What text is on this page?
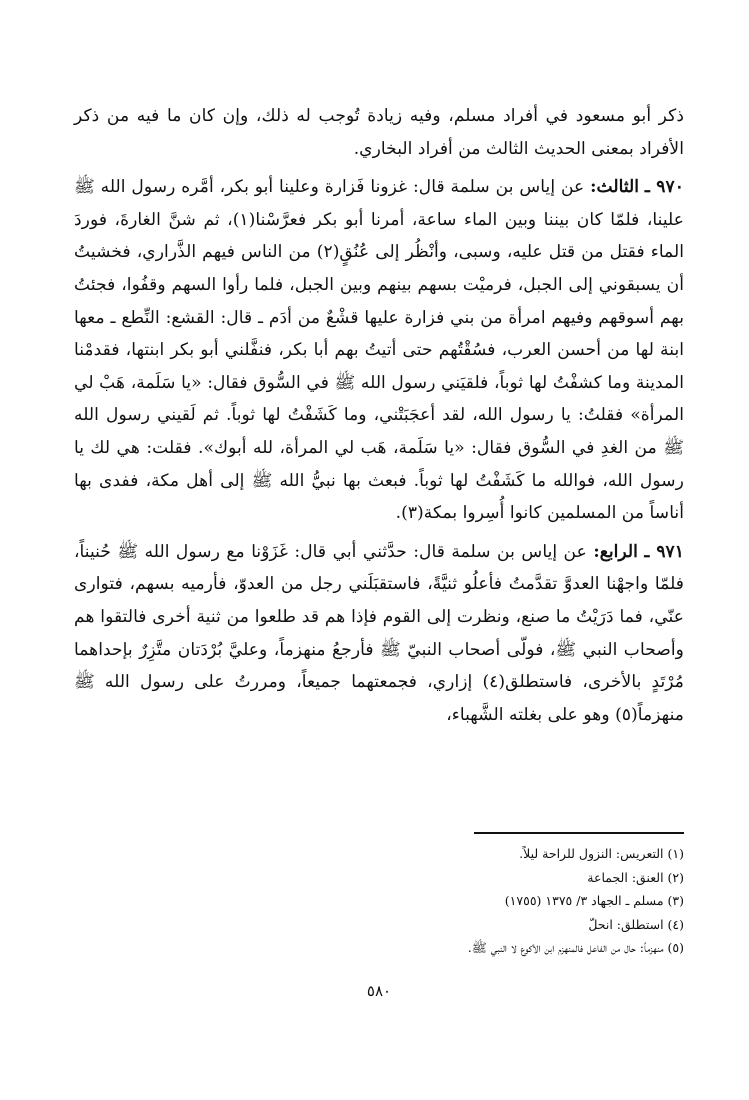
ذكر أبو مسعود في أفراد مسلم، وفيه زيادة تُوجب له ذلك، وإن كان ما فيه من ذكر الأفراد بمعنى الحديث الثالث من أفراد البخاري.

٩٧٠ ـ الثالث: عن إياس بن سلمة قال: غزونا فَزارة وعلينا أبو بكر، أمَّره رسول الله ﷺ علينا، فلمّا كان بيننا وبين الماء ساعة، أمرنا أبو بكر فعرَّسْنا(١)، ثم شنَّ الغارةَ، فوردَ الماء فقتل من قتل عليه، وسبى، وأنْظُر إلى عُنُقٍ(٢) من الناس فيهم الذَّراري، فخشيتُ أن يسبقوني إلى الجبل، فرميْت بسهم بينهم وبين الجبل، فلما رأوا السهم وقفُوا، فجئتُ بهم أسوقهم وفيهم امرأة من بني فزارة عليها قشْعٌ من أدَم ـ قال: القشع: النِّطع ـ معها ابنة لها من أحسن العرب، فسُقْتُهم حتى أتيتُ بهم أبا بكر، فنفَّلني أبو بكر ابنتها، فقدمْنا المدينة وما كشفْتُ لها ثوباً، فلقيَني رسول الله ﷺ في السُّوق فقال: «يا سَلَمة، هَبْ لي المرأة» فقلتُ: يا رسول الله، لقد أعجَبَتْني، وما كَشَفْتُ لها ثوباً. ثم لَقيني رسول الله ﷺ من الغدِ في السُّوق فقال: «يا سَلَمة، هَب لي المرأة، لله أبوك». فقلت: هي لك يا رسول الله، فوالله ما كَشَفْتُ لها ثوباً. فبعث بها نبيُّ الله ﷺ إلى أهل مكة، ففدى بها أناساً من المسلمين كانوا أُسِروا بمكة(٣).

٩٧١ ـ الرابع: عن إياس بن سلمة قال: حدَّثني أبي قال: غَزَوْنا مع رسول الله ﷺ حُنيناً، فلمّا واجهْنا العدوَّ تقدَّمتُ فأعلُو ثنيَّةً، فاستقبَلَني رجل من العدوّ، فأرميه بسهم، فتوارى عنّي، فما دَرَيْتُ ما صنع، ونظرت إلى القوم فإذا هم قد طلعوا من ثنية أخرى فالتقوا هم وأصحاب النبي ﷺ، فولّى أصحاب النبيّ ﷺ فأرجعُ منهزماً، وعليَّ بُرْدَتان متَّزِرٌ بإحداهما مُرْتَدٍ بالأخرى، فاستطلق(٤) إزاري، فجمعتهما جميعاً، ومررتُ على رسول الله ﷺ منهزماً(٥) وهو على بغلته الشَّهباء،

(١) التعريس: النزول للراحة ليلاً.

(٢) العنق: الجماعة

(٣) مسلم ـ الجهاد ٣/ ١٣٧٥ (١٧٥٥)

(٤) استطلق: انحلّ

(٥) منهزماً: حال من الفاعل فالمنهزم ابن الأكوع لا النبي ﷺ.

٥٨٠
